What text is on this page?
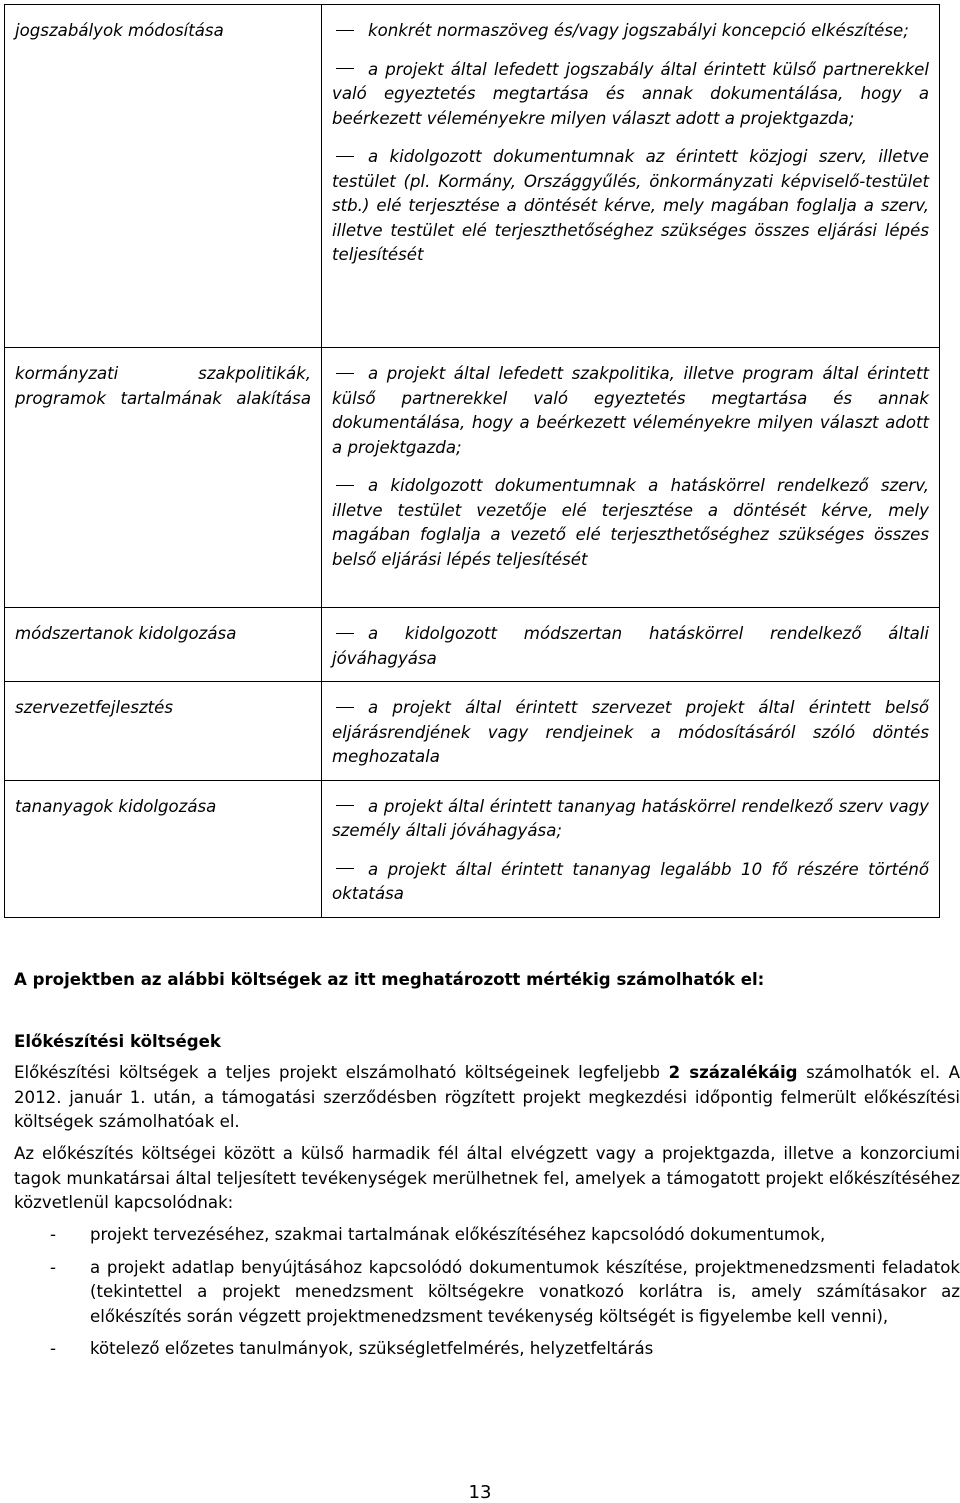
jogszabályok módosítása	konkrét normaszöveg és/vagy jogszabályi koncepció elkészítése;
a projekt által lefedett jogszabály által érintett külső partnerekkel való egyeztetés megtartása és annak dokumentálása, hogy a beérkezett véleményekre milyen választ adott a projektgazda;
a kidolgozott dokumentumnak az érintett közjogi szerv, illetve testület (pl. Kormány, Országgyűlés, önkormányzati képviselő-testület stb.) elé terjesztése a döntését kérve, mely magában foglalja a szerv, illetve testület elé terjeszthetőséghez szükséges összes eljárási lépés teljesítését

kormányzati szakpolitikák, programok tartalmának alakítása	a projekt által lefedett szakpolitika, illetve program által érintett külső partnerekkel való egyeztetés megtartása és annak dokumentálása, hogy a beérkezett véleményekre milyen választ adott a projektgazda;
a kidolgozott dokumentumnak a hatáskörrel rendelkező szerv, illetve testület vezetője elé terjesztése a döntését kérve, mely magában foglalja a vezető elé terjeszthetőséghez szükséges összes belső eljárási lépés teljesítését

módszertanok kidolgozása	a kidolgozott módszertan hatáskörrel rendelkező általi jóváhagyása

szervezetfejlesztés	a projekt által érintett szervezet projekt által érintett belső eljárásrendjének vagy rendjeinek a módosításáról szóló döntés meghozatala

tananyagok kidolgozása	a projekt által érintett tananyag hatáskörrel rendelkező szerv vagy személy általi jóváhagyása;
a projekt által érintett tananyag legalább 10 fő részére történő oktatása
A projektben az alábbi költségek az itt meghatározott mértékig számolhatók el:
Előkészítési költségek
Előkészítési költségek a teljes projekt elszámolható költségeinek legfeljebb 2 százalékáig számolhatók el. A 2012. január 1. után, a támogatási szerződésben rögzített projekt megkezdési időpontig felmerült előkészítési költségek számolhatóak el.
Az előkészítés költségei között a külső harmadik fél által elvégzett vagy a projektgazda, illetve a konzorciumi tagok munkatársai által teljesített tevékenységek merülhetnek fel, amelyek a támogatott projekt előkészítéséhez közvetlenül kapcsolódnak:
- projekt tervezéséhez, szakmai tartalmának előkészítéséhez kapcsolódó dokumentumok,
- a projekt adatlap benyújtásához kapcsolódó dokumentumok készítése, projektmenedzsmenti feladatok (tekintettel a projekt menedzsment költségekre vonatkozó korlátra is, amely számításakor az előkészítés során végzett projektmenedzsment tevékenység költségét is figyelembe kell venni),
- kötelező előzetes tanulmányok, szükségletfelmérés, helyzetfeltárás
13
